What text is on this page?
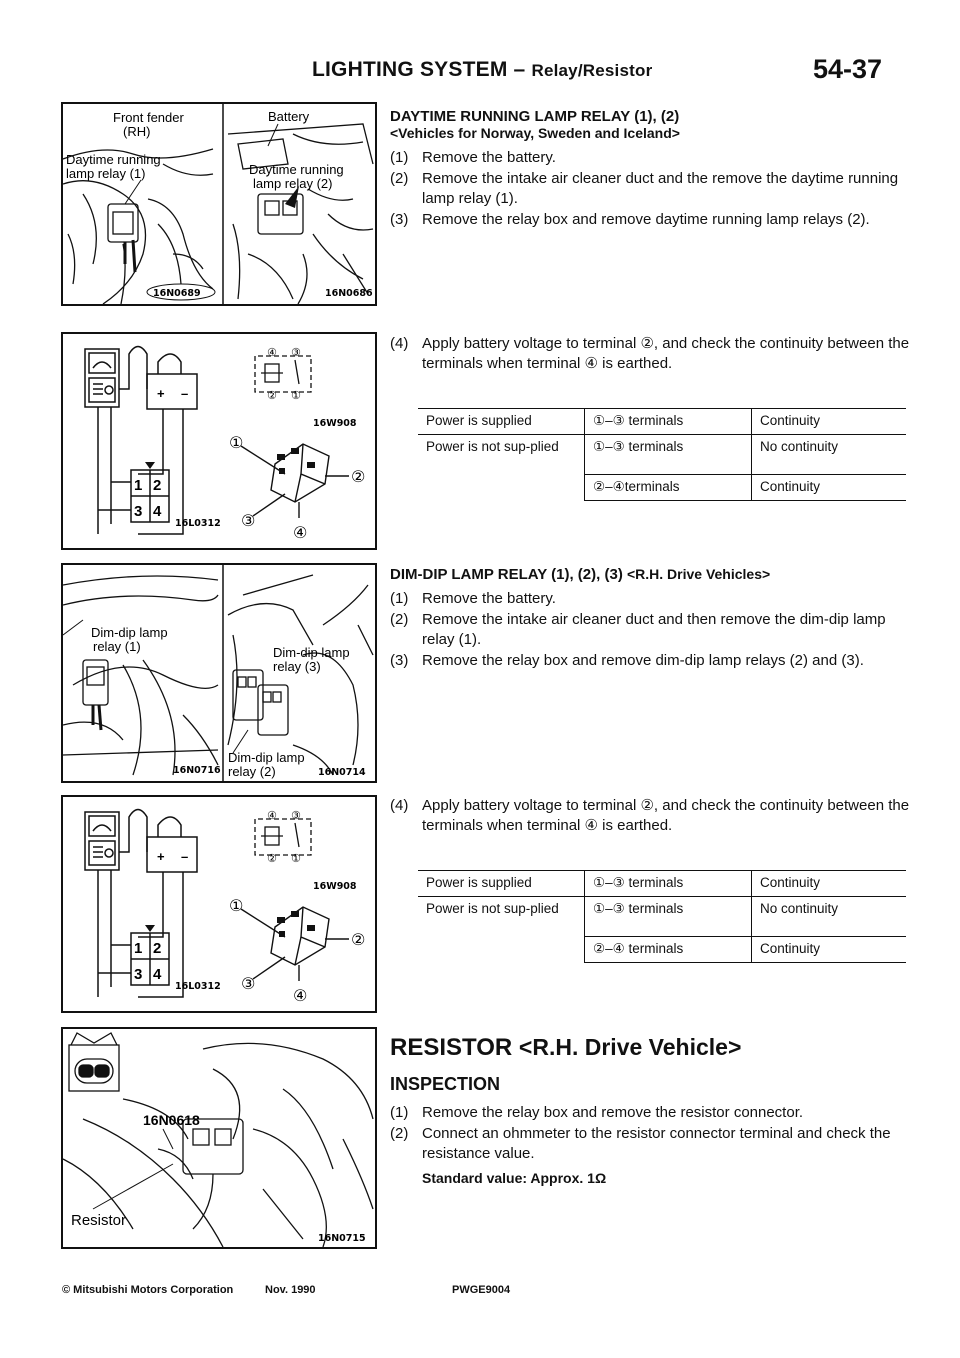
LIGHTING SYSTEM – Relay/Resistor	54-37
Front fender
(RH)
Daytime running
lamp relay (1)
16N0689
Battery
Daytime running
lamp relay (2)
16N0686
+ –
1 2
3 4
16L0312
④ ③
② ①
16W908
①
②
③
④
Dim-dip lamp
relay (1)
16N0716
Dim-dip lamp
relay (3)
Dim-dip lamp
relay (2)	16N0714
+ –
1 2
3 4
16L0312
④ ③
② ①
16W908
①
②
③
④
16N0618
Resistor
16N0715
DAYTIME RUNNING LAMP RELAY (1), (2)
<Vehicles for Norway, Sweden and Iceland>
(1) Remove the battery.
(2) Remove the intake air cleaner duct and the remove the daytime running lamp relay (1).
(3) Remove the relay box and remove daytime running lamp relays (2).
(4) Apply battery voltage to terminal ②, and check the continuity between the terminals when terminal ④ is earthed.
Power is supplied	①–③ terminals	Continuity
Power is not sup-plied	①–③ terminals	No continuity
	②–④terminals	Continuity
DIM-DIP LAMP RELAY (1), (2), (3) <R.H. Drive Vehicles>
(1) Remove the battery.
(2) Remove the intake air cleaner duct and then remove the dim-dip lamp relay (1).
(3) Remove the relay box and remove dim-dip lamp relays (2) and (3).
(4) Apply battery voltage to terminal ②, and check the continuity between the terminals when terminal ④ is earthed.
Power is supplied	①–③ terminals	Continuity
Power is not sup-plied	①–③ terminals	No continuity
	②–④ terminals	Continuity
RESISTOR <R.H. Drive Vehicle>
INSPECTION
(1) Remove the relay box and remove the resistor connector.
(2) Connect an ohmmeter to the resistor connector terminal and check the resistance value.
Standard value: Approx. 1Ω
© Mitsubishi Motors Corporation	Nov. 1990	PWGE9004
